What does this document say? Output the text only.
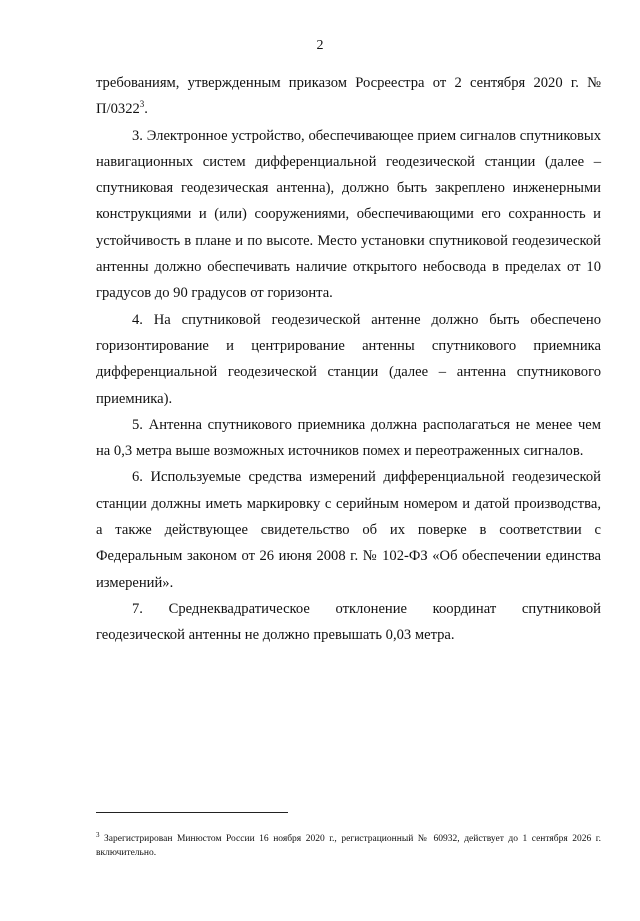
2

требованиям, утвержденным приказом Росреестра от 2 сентября 2020 г. № П/0322$^3$.

3. Электронное устройство, обеспечивающее прием сигналов спутниковых навигационных систем дифференциальной геодезической станции (далее – спутниковая геодезическая антенна), должно быть закреплено инженерными конструкциями и (или) сооружениями, обеспечивающими его сохранность и устойчивость в плане и по высоте. Место установки спутниковой геодезической антенны должно обеспечивать наличие открытого небосвода в пределах от 10 градусов до 90 градусов от горизонта.

4. На спутниковой геодезической антенне должно быть обеспечено горизонтирование и центрирование антенны спутникового приемника дифференциальной геодезической станции (далее – антенна спутникового приемника).

5. Антенна спутникового приемника должна располагаться не менее чем на 0,3 метра выше возможных источников помех и переотраженных сигналов.

6. Используемые средства измерений дифференциальной геодезической станции должны иметь маркировку с серийным номером и датой производства, а также действующее свидетельство об их поверке в соответствии с Федеральным законом от 26 июня 2008 г. № 102-ФЗ «Об обеспечении единства измерений».

7. Среднеквадратическое отклонение координат спутниковой геодезической антенны не должно превышать 0,03 метра.

$^3$ Зарегистрирован Минюстом России 16 ноября 2020 г., регистрационный № 60932, действует до 1 сентября 2026 г. включительно.
